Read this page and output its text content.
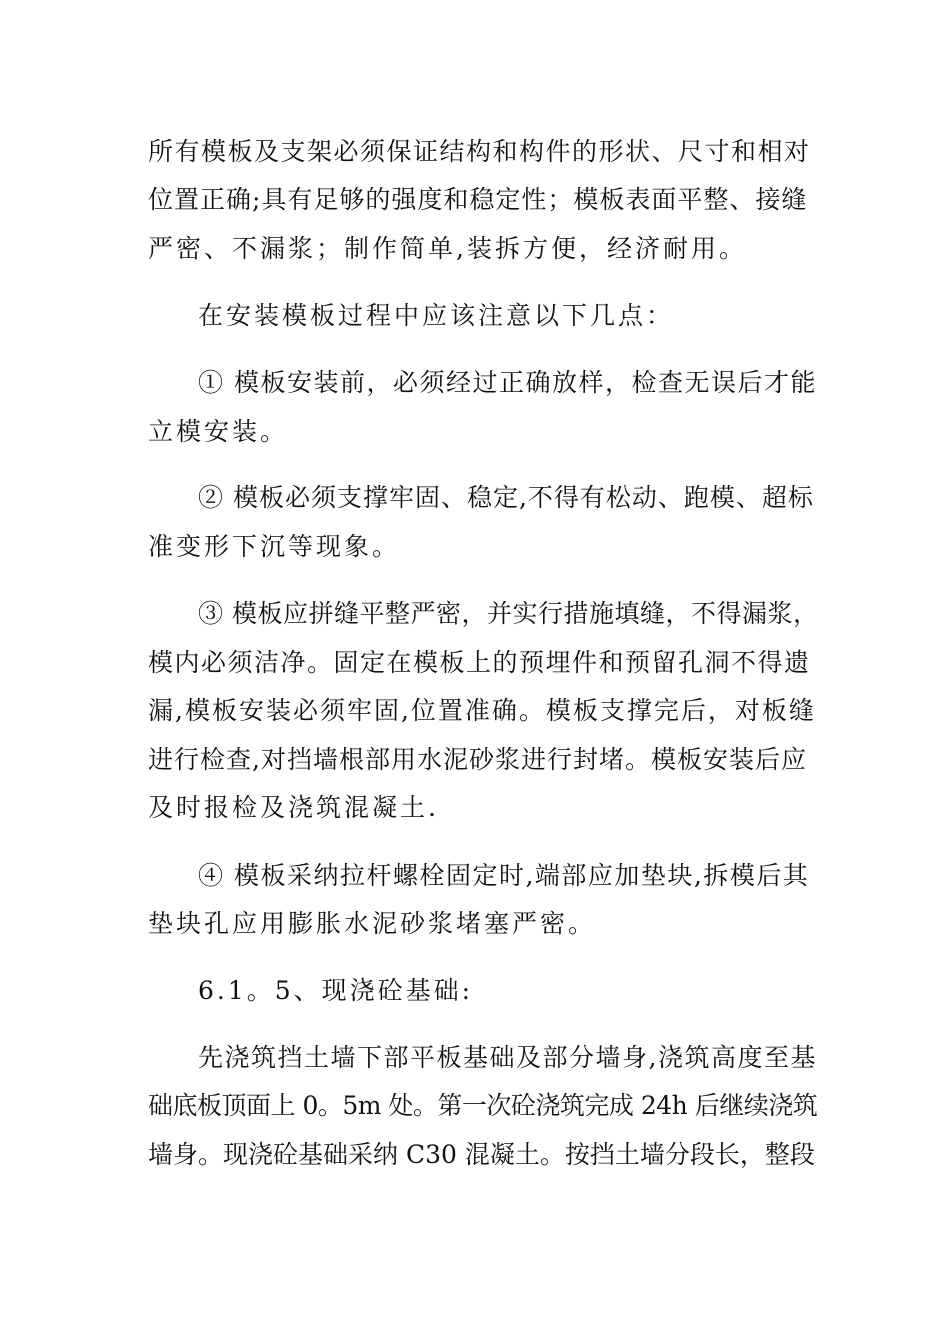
所有模板及支架必须保证结构和构件的形状、尺寸和相对
位置正确;具有足够的强度和稳定性；模板表面平整、接缝
严密、不漏浆；制作简单,装拆方便，经济耐用。
在安装模板过程中应该注意以下几点：
① 模板安装前，必须经过正确放样，检查无误后才能
立模安装。
② 模板必须支撑牢固、稳定,不得有松动、跑模、超标
准变形下沉等现象。
③ 模板应拼缝平整严密，并实行措施填缝，不得漏浆，
模内必须洁净。固定在模板上的预埋件和预留孔洞不得遗
漏,模板安装必须牢固,位置准确。模板支撑完后，对板缝
进行检查,对挡墙根部用水泥砂浆进行封堵。模板安装后应
及时报检及浇筑混凝土.
④ 模板采纳拉杆螺栓固定时,端部应加垫块,拆模后其
垫块孔应用膨胀水泥砂浆堵塞严密。
6.1。5、现浇砼基础:
先浇筑挡土墙下部平板基础及部分墙身,浇筑高度至基
础底板顶面上 0。5m 处。第一次砼浇筑完成 24h 后继续浇筑
墙身。现浇砼基础采纳 C30 混凝土。按挡土墙分段长，整段
